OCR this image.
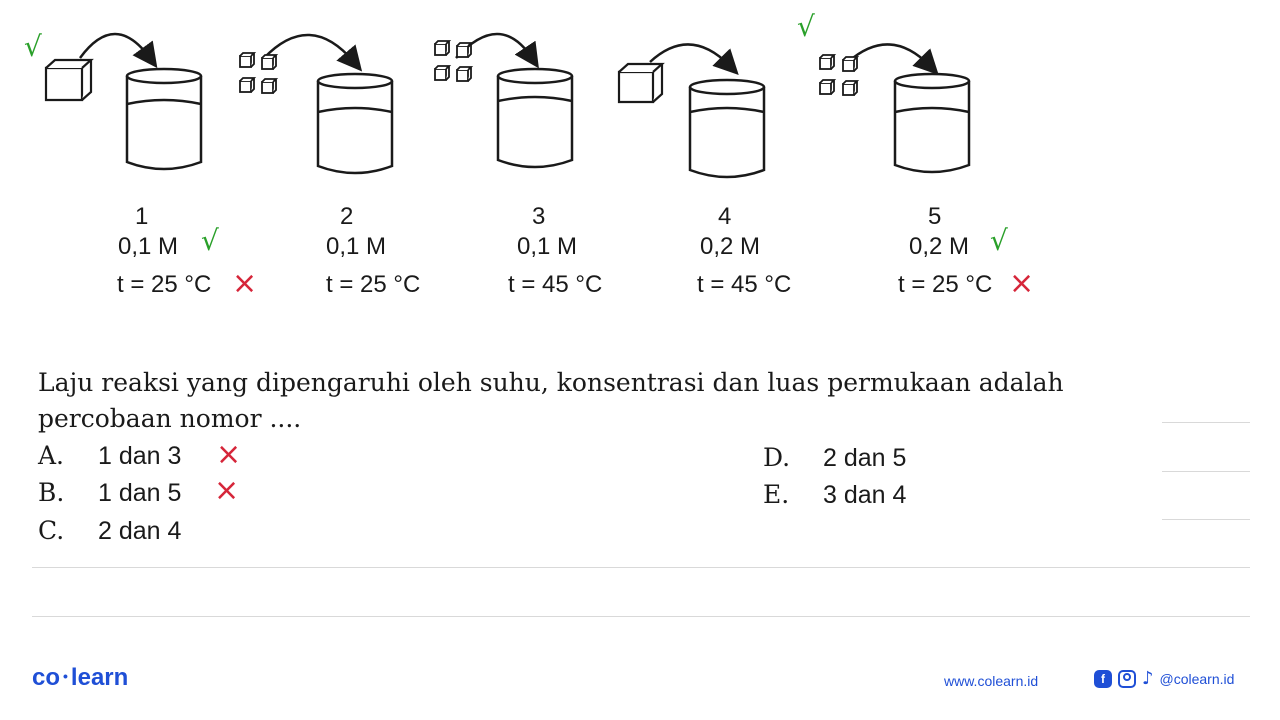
√
√
1	2	3	4	5
0,1 M √	0,1 M	0,1 M	0,2 M	0,2 M √
t = 25 °C ×	t = 25 °C	t = 45 °C	t = 45 °C	t = 25 °C ×
Laju reaksi yang dipengaruhi oleh suhu, konsentrasi dan luas permukaan adalah
percobaan nomor ....
A. 1 dan 3 ×
B. 1 dan 5 ×
C. 2 dan 4
D. 2 dan 5
E. 3 dan 4
co • learn	www.colearn.id	f	♪ @colearn.id
